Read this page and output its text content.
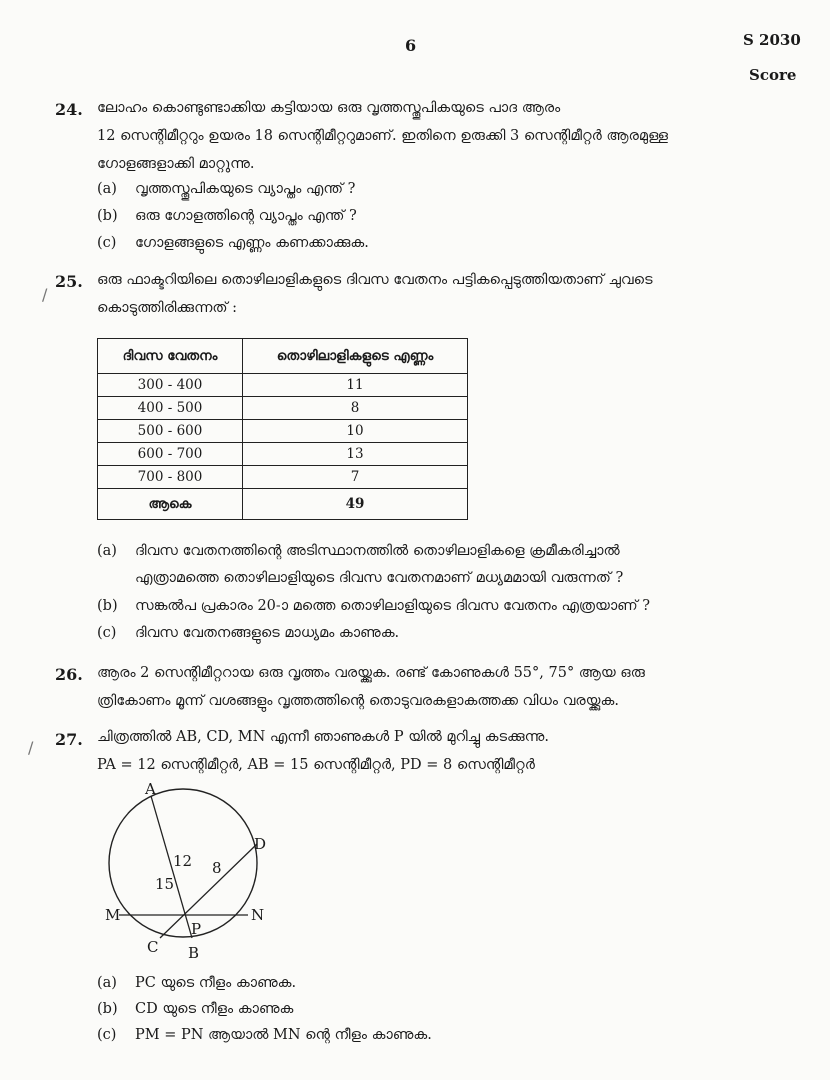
6	S 2030
Score
24. ലോഹം കൊണ്ടുണ്ടാക്കിയ കട്ടിയായ ഒരു വൃത്തസ്തൂപികയുടെ പാദ ആരം
12 സെന്റിമീറ്ററും ഉയരം 18 സെന്റിമീറ്ററുമാണ്. ഇതിനെ ഉരുക്കി 3 സെന്റിമീറ്റർ ആരമുള്ള
ഗോളങ്ങളാക്കി മാറ്റുന്നു.
(a) വൃത്തസ്തൂപികയുടെ വ്യാപ്തം എന്ത് ?
(b) ഒരു ഗോളത്തിന്റെ വ്യാപ്തം എന്ത് ?
(c) ഗോളങ്ങളുടെ എണ്ണം കണക്കാക്കുക.
/
25. ഒരു ഫാക്ടറിയിലെ തൊഴിലാളികളുടെ ദിവസ വേതനം പട്ടികപ്പെടുത്തിയതാണ് ചുവടെ
കൊടുത്തിരിക്കുന്നത് :
ദിവസ വേതനം	തൊഴിലാളികളുടെ എണ്ണം
300 - 400	11
400 - 500	8
500 - 600	10
600 - 700	13
700 - 800	7
ആകെ	49
(a) ദിവസ വേതനത്തിന്റെ അടിസ്ഥാനത്തിൽ തൊഴിലാളികളെ ക്രമീകരിച്ചാൽ
എത്രാമത്തെ തൊഴിലാളിയുടെ ദിവസ വേതനമാണ് മധ്യമമായി വരുന്നത് ?
(b) സങ്കൽപ പ്രകാരം 20-ാ മത്തെ തൊഴിലാളിയുടെ ദിവസ വേതനം എത്രയാണ് ?
(c) ദിവസ വേതനങ്ങളുടെ മാധ്യമം കാണുക.
26. ആരം 2 സെന്റിമീറ്ററായ ഒരു വൃത്തം വരയ്ക്കുക. രണ്ട് കോണുകൾ 55°, 75° ആയ ഒരു
ത്രികോണം മൂന്ന് വശങ്ങളും വൃത്തത്തിന്റെ തൊടുവരകളാകത്തക്ക വിധം വരയ്ക്കുക.
/ 27. ചിത്രത്തിൽ AB, CD, MN എന്നീ ഞാണുകൾ P യിൽ മുറിച്ചു കടക്കുന്നു.
PA = 12 സെന്റിമീറ്റർ, AB = 15 സെന്റിമീറ്റർ, PD = 8 സെന്റിമീറ്റർ
A
B
C
D
M	N
P
12
15
8
(a) PC യുടെ നീളം കാണുക.
(b) CD യുടെ നീളം കാണുക
(c) PM = PN ആയാൽ MN ന്റെ നീളം കാണുക.
